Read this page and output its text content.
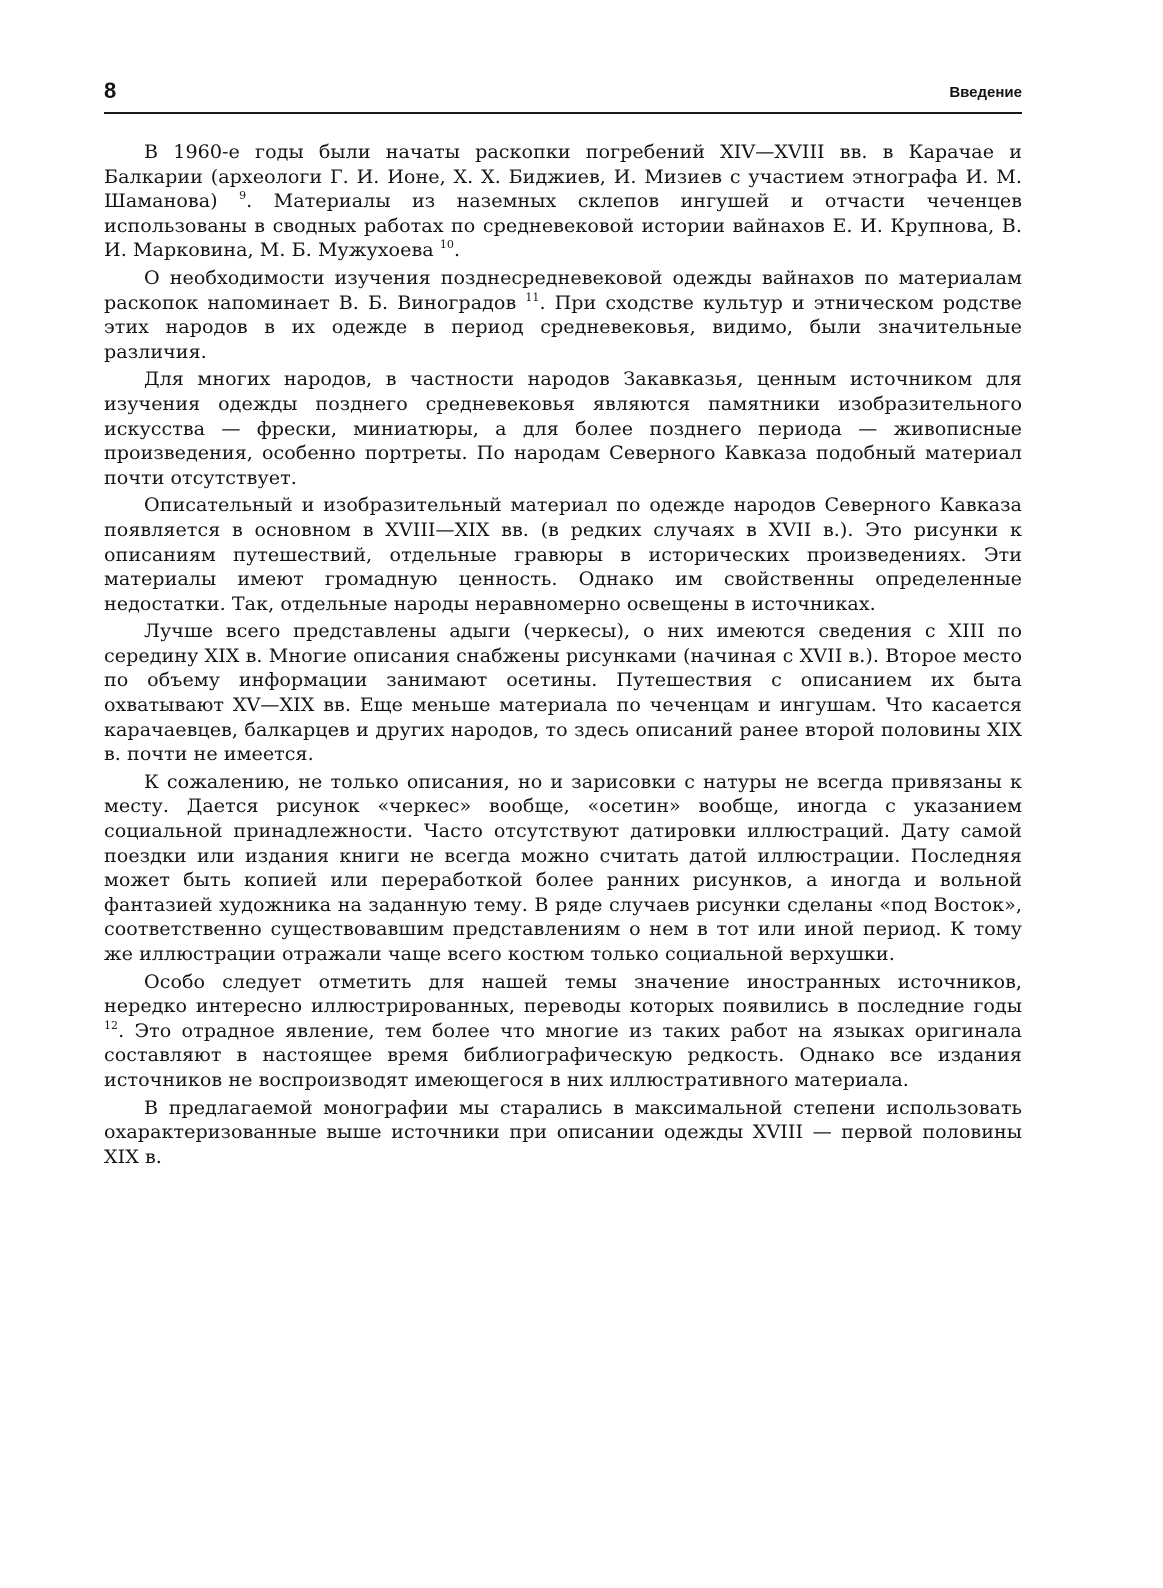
8	Введение

В 1960-е годы были начаты раскопки погребений XIV—XVIII вв. в Карачае и Балкарии (археологи Г. И. Ионе, Х. Х. Биджиев, И. Мизиев с участием этнографа И. М. Шаманова) $^9$. Материалы из наземных склепов ингушей и отчасти чеченцев использованы в сводных работах по средневековой истории вайнахов Е. И. Крупнова, В. И. Марковина, М. Б. Мужухоева $^{10}$.

О необходимости изучения позднесредневековой одежды вайнахов по материалам раскопок напоминает В. Б. Виноградов $^{11}$. При сходстве культур и этническом родстве этих народов в их одежде в период средневековья, видимо, были значительные различия.

Для многих народов, в частности народов Закавказья, ценным источником для изучения одежды позднего средневековья являются памятники изобразительного искусства — фрески, миниатюры, а для более позднего периода — живописные произведения, особенно портреты. По народам Северного Кавказа подобный материал почти отсутствует.

Описательный и изобразительный материал по одежде народов Северного Кавказа появляется в основном в XVIII—XIX вв. (в редких случаях в XVII в.). Это рисунки к описаниям путешествий, отдельные гравюры в исторических произведениях. Эти материалы имеют громадную ценность. Однако им свойственны определенные недостатки. Так, отдельные народы неравномерно освещены в источниках.

Лучше всего представлены адыги (черкесы), о них имеются сведения с XIII по середину XIX в. Многие описания снабжены рисунками (начиная с XVII в.). Второе место по объему информации занимают осетины. Путешествия с описанием их быта охватывают XV—XIX вв. Еще меньше материала по чеченцам и ингушам. Что касается карачаевцев, балкарцев и других народов, то здесь описаний ранее второй половины XIX в. почти не имеется.

К сожалению, не только описания, но и зарисовки с натуры не всегда привязаны к месту. Дается рисунок «черкес» вообще, «осетин» вообще, иногда с указанием социальной принадлежности. Часто отсутствуют датировки иллюстраций. Дату самой поездки или издания книги не всегда можно считать датой иллюстрации. Последняя может быть копией или переработкой более ранних рисунков, а иногда и вольной фантазией художника на заданную тему. В ряде случаев рисунки сделаны «под Восток», соответственно существовавшим представлениям о нем в тот или иной период. К тому же иллюстрации отражали чаще всего костюм только социальной верхушки.

Особо следует отметить для нашей темы значение иностранных источников, нередко интересно иллюстрированных, переводы которых появились в последние годы $^{12}$. Это отрадное явление, тем более что многие из таких работ на языках оригинала составляют в настоящее время библиографическую редкость. Однако все издания источников не воспроизводят имеющегося в них иллюстративного материала.

В предлагаемой монографии мы старались в максимальной степени использовать охарактеризованные выше источники при описании одежды XVIII — первой половины XIX в.
